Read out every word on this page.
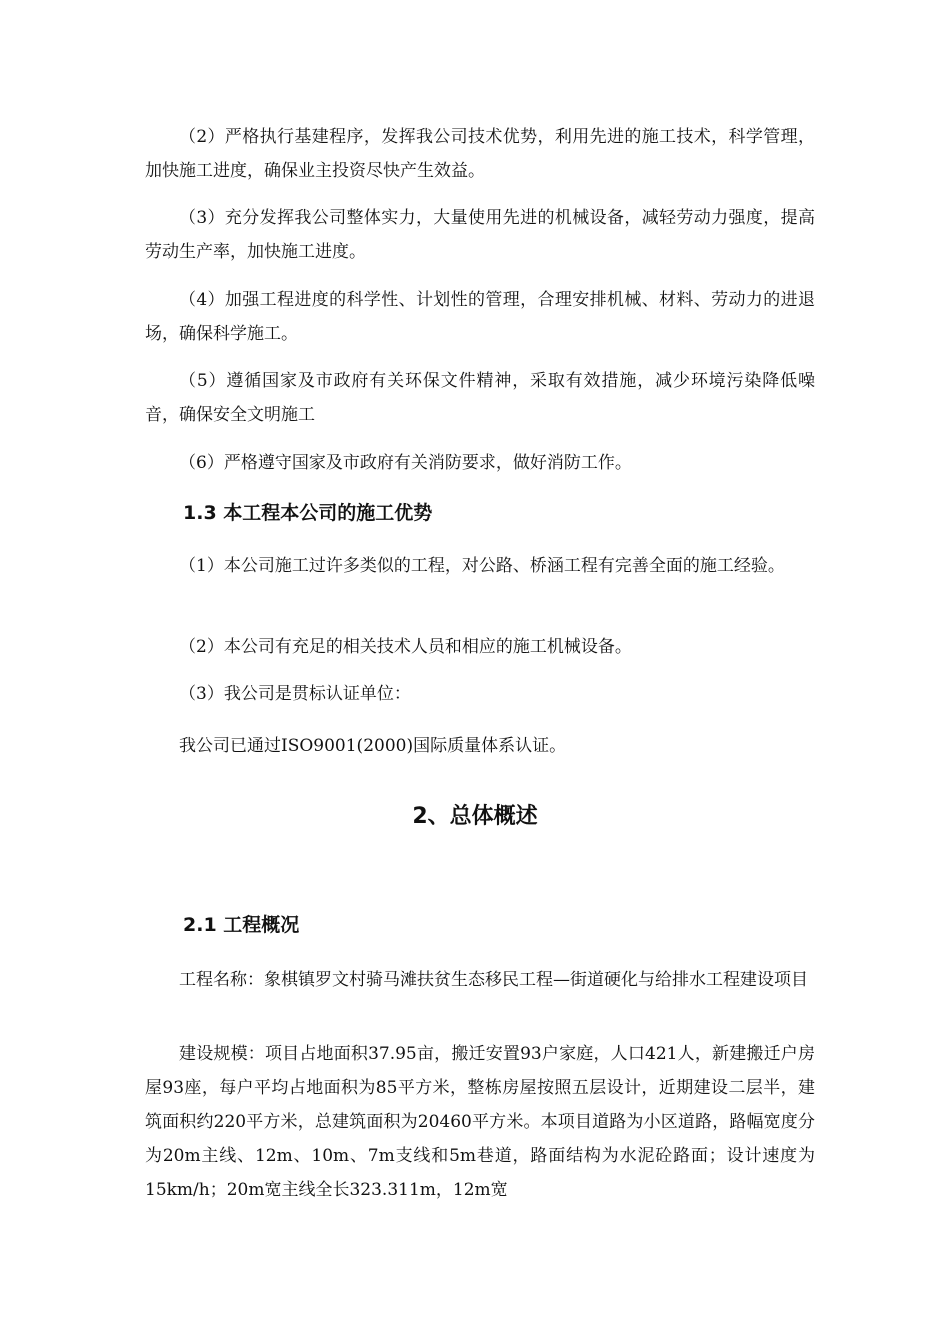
（2）严格执行基建程序，发挥我公司技术优势，利用先进的施工技术，科学管理，加快施工进度，确保业主投资尽快产生效益。

（3）充分发挥我公司整体实力，大量使用先进的机械设备，减轻劳动力强度，提高劳动生产率，加快施工进度。

（4）加强工程进度的科学性、计划性的管理，合理安排机械、材料、劳动力的进退场，确保科学施工。

（5）遵循国家及市政府有关环保文件精神，采取有效措施，减少环境污染降低噪音，确保安全文明施工

（6）严格遵守国家及市政府有关消防要求，做好消防工作。

1.3 本工程本公司的施工优势

（1）本公司施工过许多类似的工程，对公路、桥涵工程有完善全面的施工经验。

（2）本公司有充足的相关技术人员和相应的施工机械设备。

（3）我公司是贯标认证单位：

我公司已通过ISO9001(2000)国际质量体系认证。

2、总体概述
2.1 工程概况

工程名称：象棋镇罗文村骑马滩扶贫生态移民工程—街道硬化与给排水工程建设项目

建设规模：项目占地面积37.95亩，搬迁安置93户家庭，人口421人，新建搬迁户房屋93座，每户平均占地面积为85平方米，整栋房屋按照五层设计，近期建设二层半，建筑面积约220平方米，总建筑面积为20460平方米。本项目道路为小区道路，路幅宽度分为20m主线、12m、10m、7m支线和5m巷道，路面结构为水泥砼路面；设计速度为15km/h；20m宽主线全长323.311m，12m宽
